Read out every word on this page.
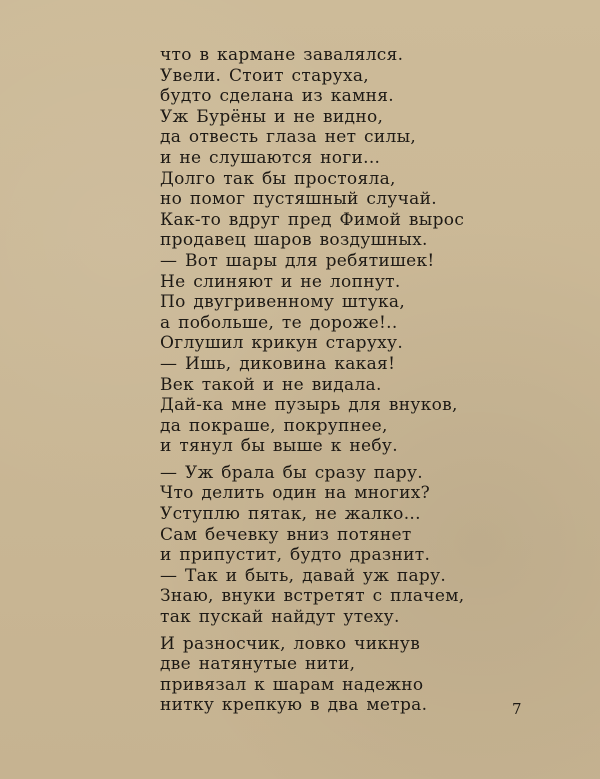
что в кармане завалялся.
Увели. Стоит старуха,
будто сделана из камня.
Уж Бурёны и не видно,
да отвесть глаза нет силы,
и не слушаются ноги...
Долго так бы простояла,
но помог пустяшный случай.
Как-то вдруг пред Фимой вырос
продавец шаров воздушных.
— Вот шары для ребятишек!
Не слиняют и не лопнут.
По двугривенному штука,
а побольше, те дороже!..
Оглушил крикун старуху.
— Ишь, диковина какая!
Век такой и не видала.
Дай-ка мне пузырь для внуков,
да покраше, покрупнее,
и тянул бы выше к небу.
— Уж брала бы сразу пару.
Что делить один на многих?
Уступлю пятак, не жалко...
Сам бечевку вниз потянет
и припустит, будто дразнит.
— Так и быть, давай уж пару.
Знаю, внуки встретят с плачем,
так пускай найдут утеху.
И разносчик, ловко чикнув
две натянутые нити,
привязал к шарам надежно
нитку крепкую в два метра.	7
